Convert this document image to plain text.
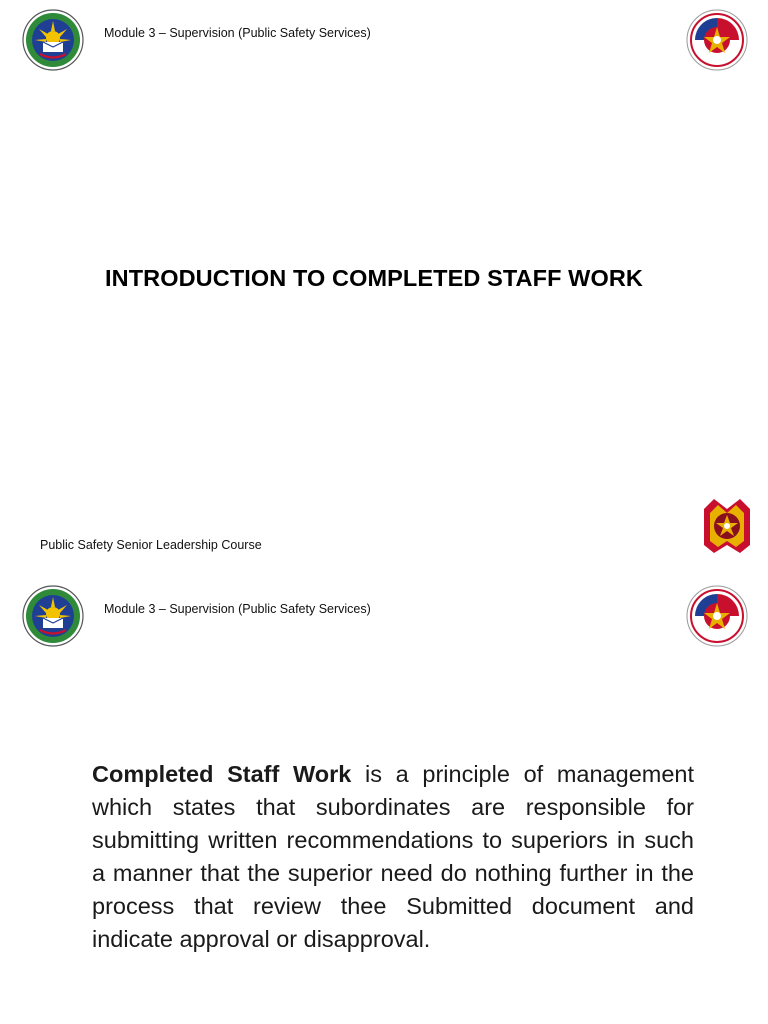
Module 3 – Supervision (Public Safety Services)
INTRODUCTION TO COMPLETED STAFF WORK
Public Safety Senior Leadership Course
Module 3 – Supervision (Public Safety Services)

Completed Staff Work is a principle of management which states that subordinates are responsible for submitting written recommendations to superiors in such a manner that the superior need do nothing further in the process that review thee Submitted document and indicate approval or disapproval.
